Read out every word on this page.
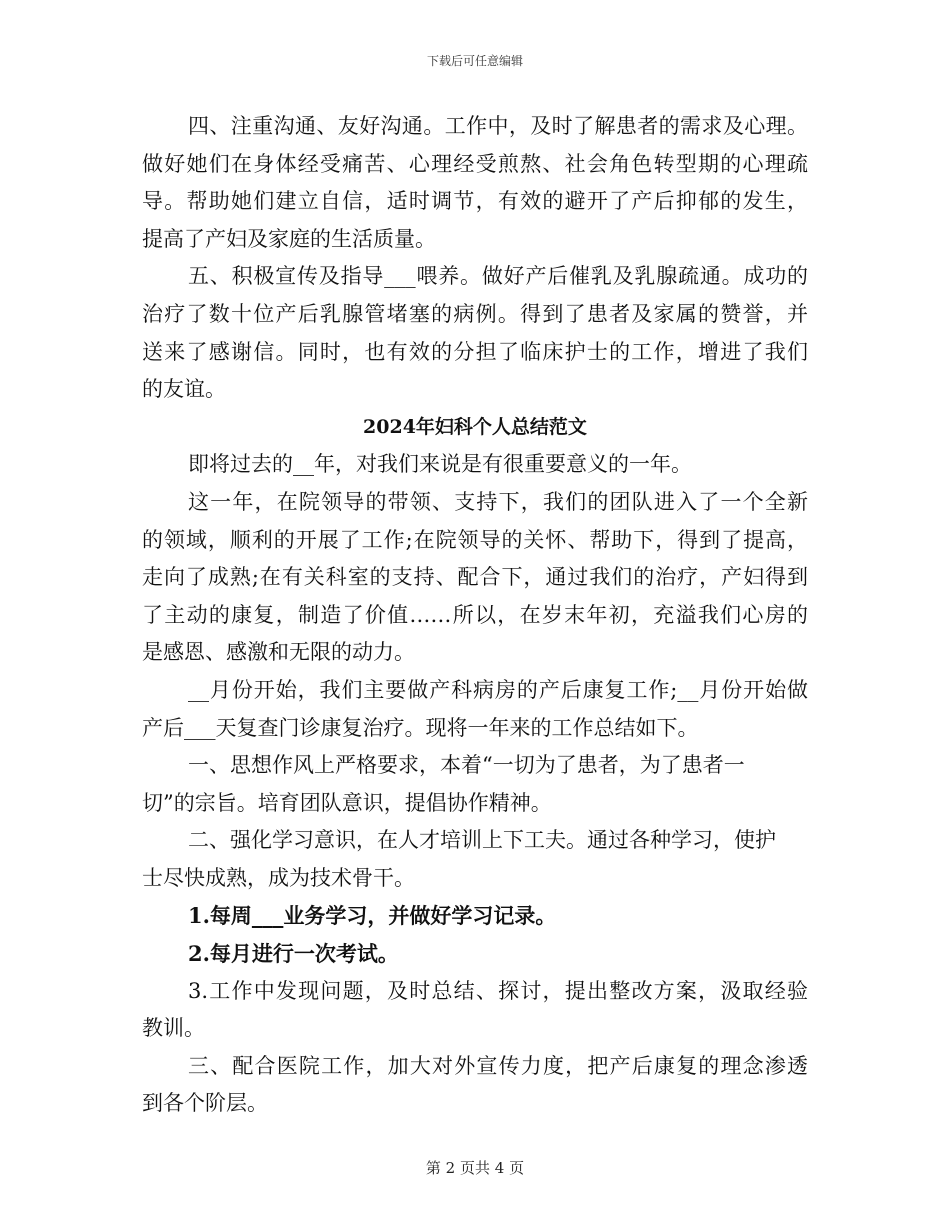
下载后可任意编辑
四、注重沟通、友好沟通。工作中，及时了解患者的需求及心理。
做好她们在身体经受痛苦、心理经受煎熬、社会角色转型期的心理疏
导。帮助她们建立自信，适时调节，有效的避开了产后抑郁的发生，
提高了产妇及家庭的生活质量。
五、积极宣传及指导___喂养。做好产后催乳及乳腺疏通。成功的
治疗了数十位产后乳腺管堵塞的病例。得到了患者及家属的赞誉，并
送来了感谢信。同时，也有效的分担了临床护士的工作，增进了我们
的友谊。
2024年妇科个人总结范文
即将过去的__年，对我们来说是有很重要意义的一年。
这一年，在院领导的带领、支持下，我们的团队进入了一个全新
的领域，顺利的开展了工作;在院领导的关怀、帮助下，得到了提高，
走向了成熟;在有关科室的支持、配合下，通过我们的治疗，产妇得到
了主动的康复，制造了价值……所以，在岁末年初，充溢我们心房的
是感恩、感激和无限的动力。
__月份开始，我们主要做产科病房的产后康复工作;__月份开始做
产后___天复查门诊康复治疗。现将一年来的工作总结如下。
一、思想作风上严格要求，本着“一切为了患者，为了患者一
切”的宗旨。培育团队意识，提倡协作精神。
二、强化学习意识，在人才培训上下工夫。通过各种学习，使护
士尽快成熟，成为技术骨干。
1.每周___业务学习，并做好学习记录。
2.每月进行一次考试。
3.工作中发现问题，及时总结、探讨，提出整改方案，汲取经验
教训。
三、配合医院工作，加大对外宣传力度，把产后康复的理念渗透
到各个阶层。
第 2 页共 4 页
